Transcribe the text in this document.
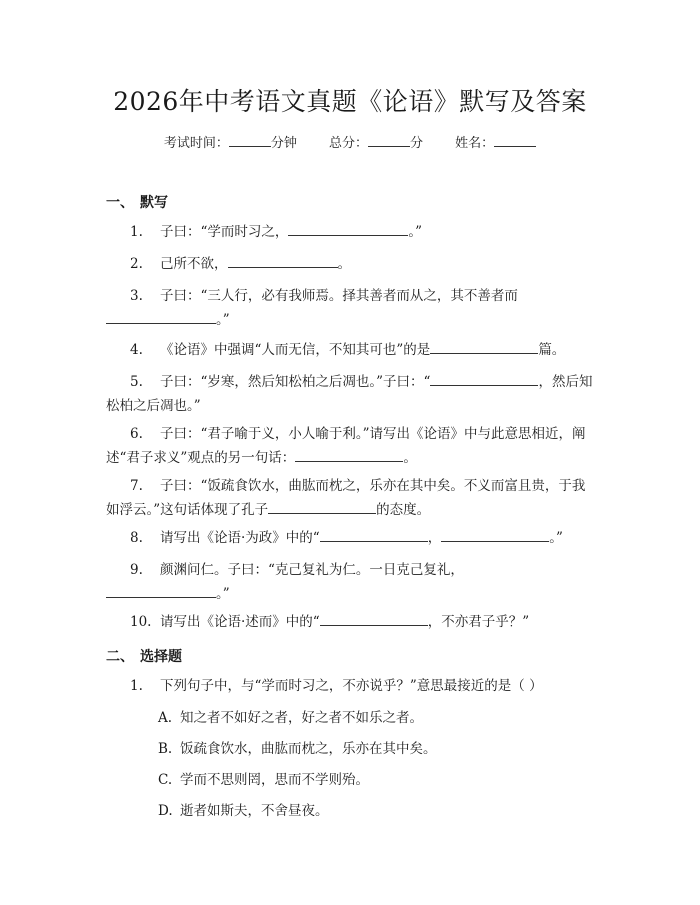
2026年中考语文真题《论语》默写及答案
考试时间：	分钟 总分：	分 姓名：
一、 默写
1. 子曰：“学而时习之，	。”
2. 己所不欲，	。
3. 子曰：“三人行，必有我师焉。择其善者而从之，其不善者而
。”
4. 《论语》中强调“人而无信，不知其可也”的是	篇。
5. 子曰：“岁寒，然后知松柏之后凋也。”子曰：“	，然后知松柏之后凋也。”
6. 子曰：“君子喻于义，小人喻于利。”请写出《论语》中与此意思相近，阐述“君子求义”观点的另一句话：	。
7. 子曰：“饭疏食饮水，曲肱而枕之，乐亦在其中矣。不义而富且贵，于我如浮云。”这句话体现了孔子	的态度。
8. 请写出《论语·为政》中的“	，	。”
9. 颜渊问仁。子曰：“克己复礼为仁。一日克己复礼，
。”
10. 请写出《论语·述而》中的“	，不亦君子乎？”
二、 选择题
1. 下列句子中，与“学而时习之，不亦说乎？”意思最接近的是（ ）
A. 知之者不如好之者，好之者不如乐之者。
B. 饭疏食饮水，曲肱而枕之，乐亦在其中矣。
C. 学而不思则罔，思而不学则殆。
D. 逝者如斯夫，不舍昼夜。
